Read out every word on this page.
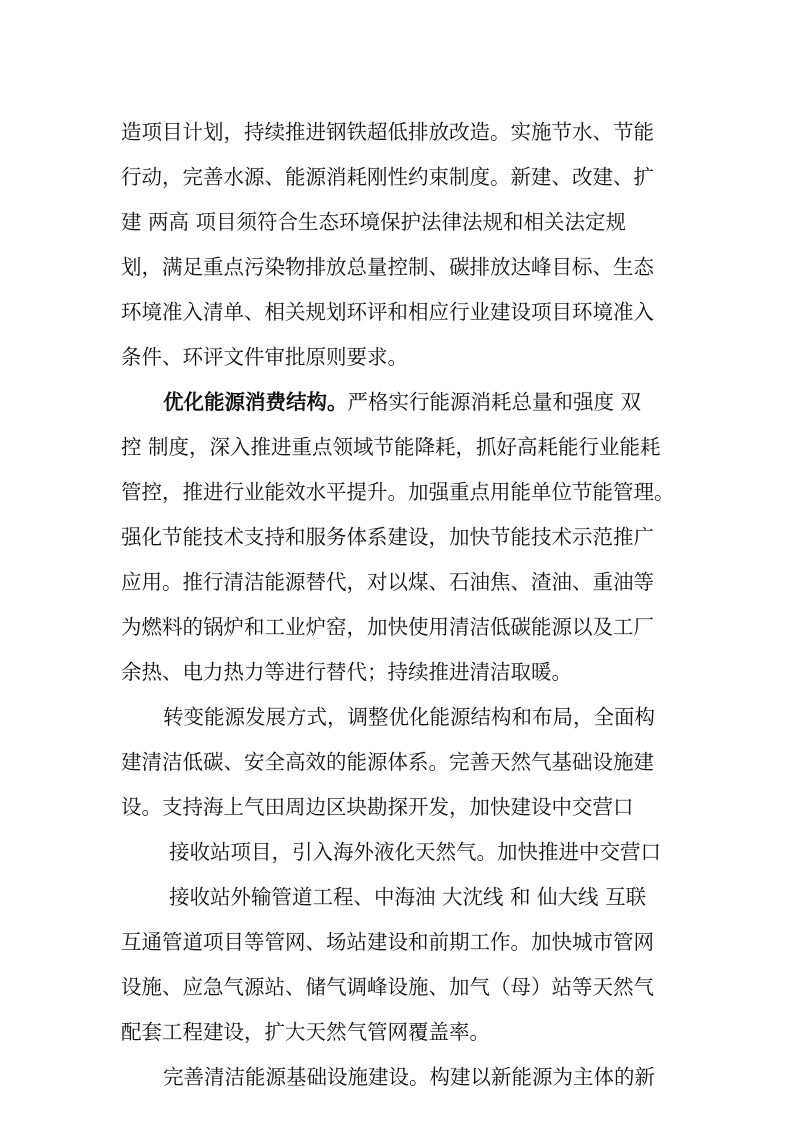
造项目计划，持续推进钢铁超低排放改造。实施节水、节能
行动，完善水源、能源消耗刚性约束制度。新建、改建、扩
建 两高 项目须符合生态环境保护法律法规和相关法定规
划，满足重点污染物排放总量控制、碳排放达峰目标、生态
环境准入清单、相关规划环评和相应行业建设项目环境准入
条件、环评文件审批原则要求。
优化能源消费结构。严格实行能源消耗总量和强度 双
控 制度，深入推进重点领域节能降耗，抓好高耗能行业能耗
管控，推进行业能效水平提升。加强重点用能单位节能管理。
强化节能技术支持和服务体系建设，加快节能技术示范推广
应用。推行清洁能源替代，对以煤、石油焦、渣油、重油等
为燃料的锅炉和工业炉窑，加快使用清洁低碳能源以及工厂
余热、电力热力等进行替代；持续推进清洁取暖。
转变能源发展方式，调整优化能源结构和布局，全面构
建清洁低碳、安全高效的能源体系。完善天然气基础设施建
设。支持海上气田周边区块勘探开发，加快建设中交营口
接收站项目，引入海外液化天然气。加快推进中交营口
接收站外输管道工程、中海油 大沈线 和 仙大线 互联
互通管道项目等管网、场站建设和前期工作。加快城市管网
设施、应急气源站、储气调峰设施、加气（母）站等天然气
配套工程建设，扩大天然气管网覆盖率。
完善清洁能源基础设施建设。构建以新能源为主体的新
